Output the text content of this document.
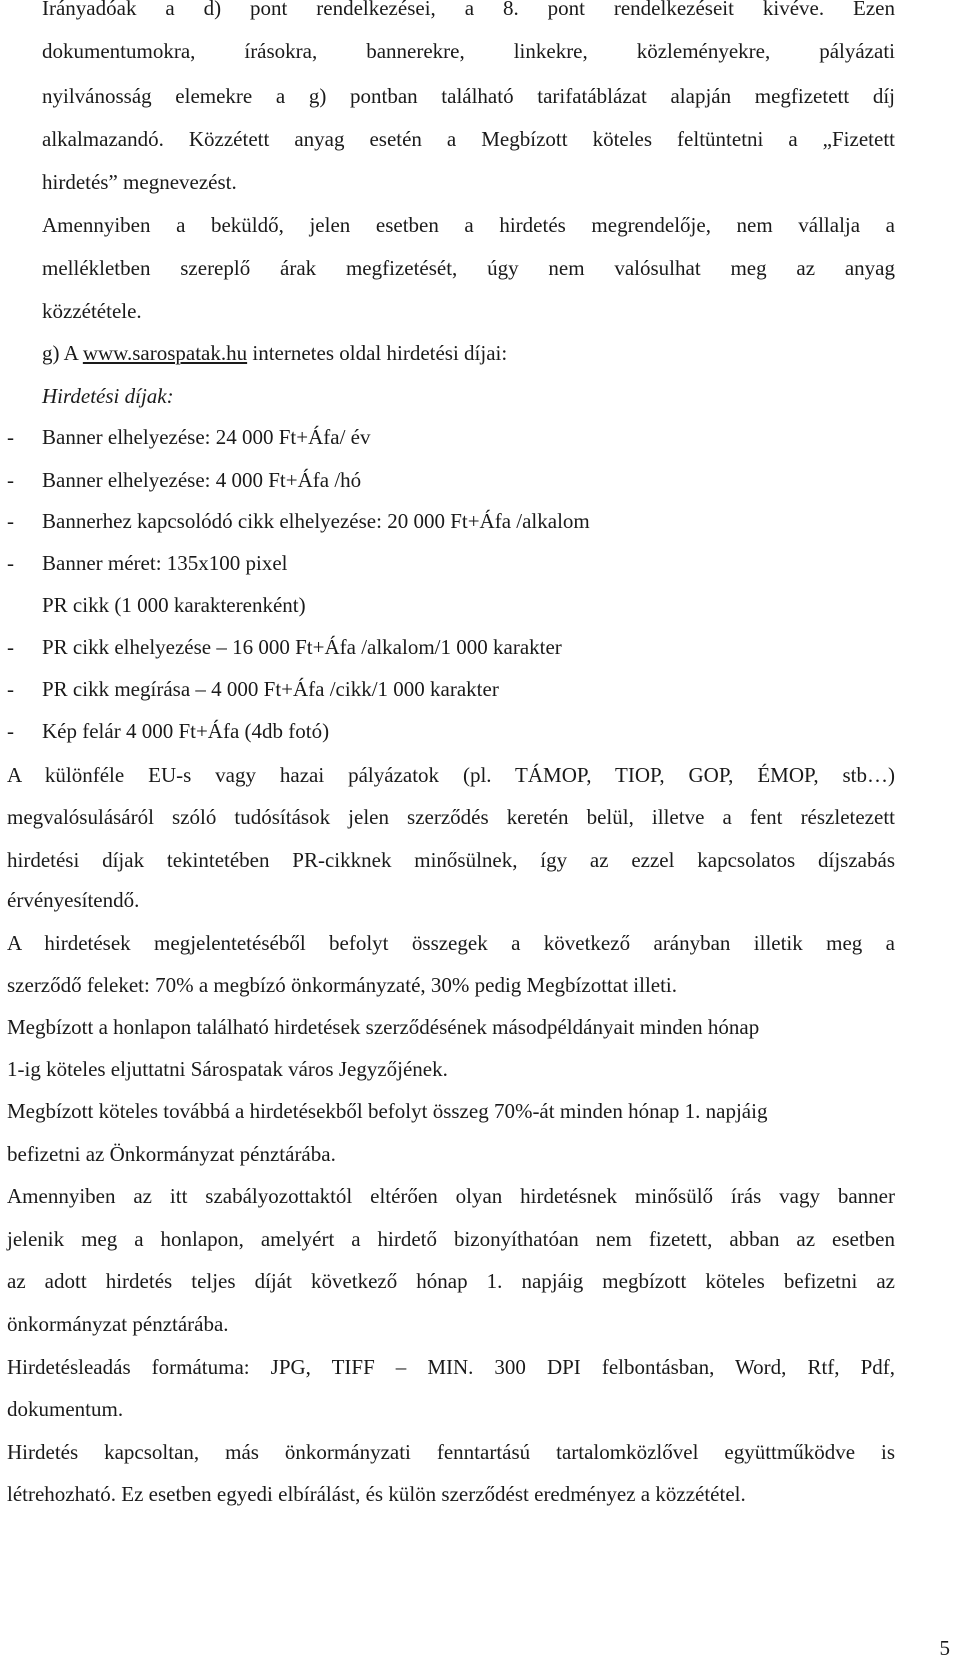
Irányadóak a d) pont rendelkezései, a 8. pont rendelkezéseit kivéve. Ezen
dokumentumokra, írásokra, bannerekre, linkekre, közleményekre, pályázati
nyilvánosság elemekre a g) pontban található tarifatáblázat alapján megfizetett díj
alkalmazandó. Közzétett anyag esetén a Megbízott köteles feltüntetni a „Fizetett
hirdetés” megnevezést.
Amennyiben a beküldő, jelen esetben a hirdetés megrendelője, nem vállalja a
mellékletben szereplő árak megfizetését, úgy nem valósulhat meg az anyag
közzététele.
g) A www.sarospatak.hu internetes oldal hirdetési díjai:
Hirdetési díjak:
- Banner elhelyezése: 24 000 Ft+Áfa/ év
- Banner elhelyezése: 4 000 Ft+Áfa /hó
- Bannerhez kapcsolódó cikk elhelyezése: 20 000 Ft+Áfa /alkalom
- Banner méret: 135x100 pixel
PR cikk (1 000 karakterenként)
- PR cikk elhelyezése – 16 000 Ft+Áfa /alkalom/1 000 karakter
- PR cikk megírása – 4 000 Ft+Áfa /cikk/1 000 karakter
- Kép felár 4 000 Ft+Áfa (4db fotó)
A különféle EU-s vagy hazai pályázatok (pl. TÁMOP, TIOP, GOP, ÉMOP, stb…)
megvalósulásáról szóló tudósítások jelen szerződés keretén belül, illetve a fent részletezett
hirdetési díjak tekintetében PR-cikknek minősülnek, így az ezzel kapcsolatos díjszabás
érvényesítendő.
A hirdetések megjelentetéséből befolyt összegek a következő arányban illetik meg a
szerződő feleket: 70% a megbízó önkormányzaté, 30% pedig Megbízottat illeti.
Megbízott a honlapon található hirdetések szerződésének másodpéldányait minden hónap
1-ig köteles eljuttatni Sárospatak város Jegyzőjének.
Megbízott köteles továbbá a hirdetésekből befolyt összeg 70%-át minden hónap 1. napjáig
befizetni az Önkormányzat pénztárába.
Amennyiben az itt szabályozottaktól eltérően olyan hirdetésnek minősülő írás vagy banner
jelenik meg a honlapon, amelyért a hirdető bizonyíthatóan nem fizetett, abban az esetben
az adott hirdetés teljes díját következő hónap 1. napjáig megbízott köteles befizetni az
önkormányzat pénztárába.
Hirdetésleadás formátuma: JPG, TIFF – MIN. 300 DPI felbontásban, Word, Rtf, Pdf,
dokumentum.
Hirdetés kapcsoltan, más önkormányzati fenntartású tartalomközlővel együttműködve is
létrehozható. Ez esetben egyedi elbírálást, és külön szerződést eredményez a közzététel.
5
